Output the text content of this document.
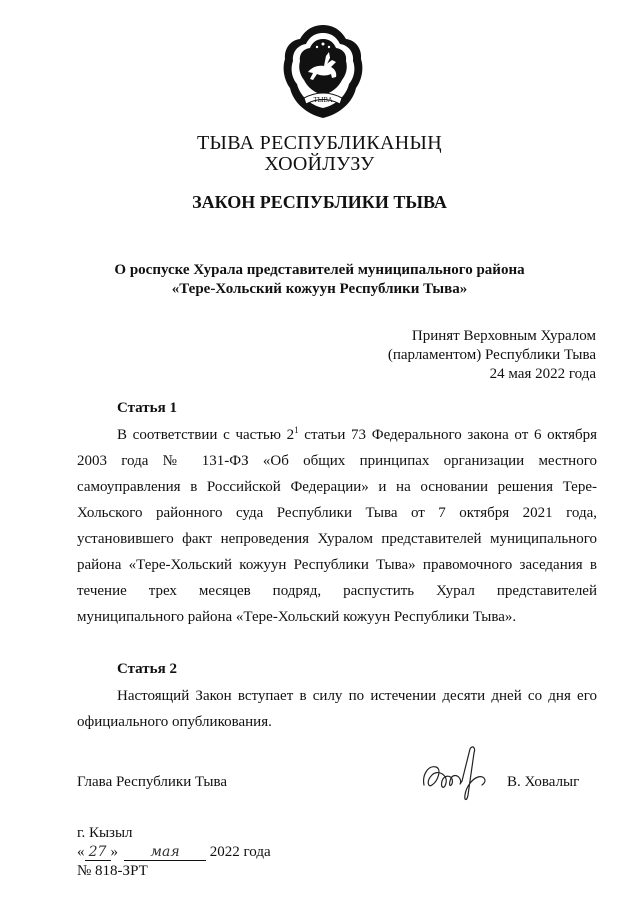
ТЫВА
ТЫВА РЕСПУБЛИКАНЫҢ
ХООЙЛУЗУ
ЗАКОН РЕСПУБЛИКИ ТЫВА
О роспуске Хурала представителей муниципального района
«Тере-Хольский кожуун Республики Тыва»
Принят Верховным Хуралом
(парламентом) Республики Тыва
24 мая 2022 года
Статья 1
В соответствии с частью $2^1$ статьи 73 Федерального закона от 6 октября
2003 года № 131-ФЗ «Об общих принципах организации местного
самоуправления в Российской Федерации» и на основании решения Тере-
Хольского районного суда Республики Тыва от 7 октября 2021 года,
установившего факт непроведения Хуралом представителей муниципального
района «Тере-Хольский кожуун Республики Тыва» правомочного заседания в
течение трех месяцев подряд, распустить Хурал представителей
муниципального района «Тере-Хольский кожуун Республики Тыва».
Статья 2
Настоящий Закон вступает в силу по истечении десяти дней со дня его
официального опубликования.
Глава Республики Тыва	В. Ховалыг
г. Кызыл
« 27 » мая 2022 года
№ 818-ЗРТ
